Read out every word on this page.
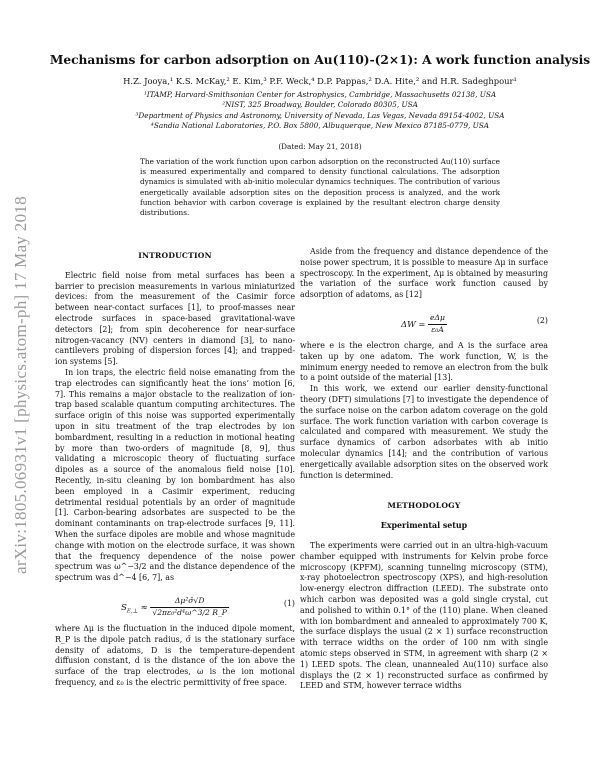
arXiv:1805.06931v1 [physics.atom-ph] 17 May 2018
Mechanisms for carbon adsorption on Au(110)-(2×1): A work function analysis
H.Z. Jooya,¹ K.S. McKay,² E. Kim,³ P.F. Weck,⁴ D.P. Pappas,² D.A. Hite,² and H.R. Sadeghpour¹
¹ITAMP, Harvard-Smithsonian Center for Astrophysics, Cambridge, Massachusetts 02138, USA
²NIST, 325 Broadway, Boulder, Colorado 80305, USA
³Department of Physics and Astronomy, University of Nevada, Las Vegas, Nevada 89154-4002, USA
⁴Sandia National Laboratories, P.O. Box 5800, Albuquerque, New Mexico 87185-0779, USA
(Dated: May 21, 2018)
The variation of the work function upon carbon adsorption on the reconstructed Au(110) surface is measured experimentally and compared to density functional calculations. The adsorption dynamics is simulated with ab-initio molecular dynamics techniques. The contribution of various energetically available adsorption sites on the deposition process is analyzed, and the work function behavior with carbon coverage is explained by the resultant electron charge density distributions.
INTRODUCTION

Electric field noise from metal surfaces has been a barrier to precision measurements in various miniaturized devices: from the measurement of the Casimir force between near-contact surfaces [1], to proof-masses near electrode surfaces in space-based gravitational-wave detectors [2]; from spin decoherence for near-surface nitrogen-vacancy (NV) centers in diamond [3], to nano-cantilevers probing of dispersion forces [4]; and trapped-ion systems [5].

In ion traps, the electric field noise emanating from the trap electrodes can significantly heat the ions’ motion [6, 7]. This remains a major obstacle to the realization of ion-trap based scalable quantum computing architectures. The surface origin of this noise was supported experimentally upon in situ treatment of the trap electrodes by ion bombardment, resulting in a reduction in motional heating by more than two-orders of magnitude [8, 9], thus validating a microscopic theory of fluctuating surface dipoles as a source of the anomalous field noise [10]. Recently, in-situ cleaning by ion bombardment has also been employed in a Casimir experiment, reducing detrimental residual potentials by an order of magnitude [1]. Carbon-bearing adsorbates are suspected to be the dominant contaminants on trap-electrode surfaces [9, 11]. When the surface dipoles are mobile and whose magnitude change with motion on the electrode surface, it was shown that the frequency dependence of the noise power spectrum was ω^−3/2 and the distance dependence of the spectrum was d^−4 [6, 7], as

$S_{E,\perp} \approx \frac{\text{Δμ²σ̄√D}}{\text{√2πε₀²d⁴ω\textasciicircum{}3/2 R\_P}}$	(1)

where Δμ is the fluctuation in the induced dipole moment, R_P is the dipole patch radius, σ̄ is the stationary surface density of adatoms, D is the temperature-dependent diffusion constant, d is the distance of the ion above the surface of the trap electrodes, ω is the ion motional frequency, and ε₀ is the electric permittivity of free space.

Aside from the frequency and distance dependence of the noise power spectrum, it is possible to measure Δμ in surface spectroscopy. In the experiment, Δμ is obtained by measuring the variation of the surface work function caused by adsorption of adatoms, as [12]

$\Delta W = \frac{\text{eΔμ}}{\text{ε₀A}}$	(2)

where e is the electron charge, and A is the surface area taken up by one adatom. The work function, W, is the minimum energy needed to remove an electron from the bulk to a point outside of the material [13].

In this work, we extend our earlier density-functional theory (DFT) simulations [7] to investigate the dependence of the surface noise on the carbon adatom coverage on the gold surface. The work function variation with carbon coverage is calculated and compared with measurement. We study the surface dynamics of carbon adsorbates with ab initio molecular dynamics [14]; and the contribution of various energetically available adsorption sites on the observed work function is determined.

METHODOLOGY
Experimental setup

The experiments were carried out in an ultra-high-vacuum chamber equipped with instruments for Kelvin probe force microscopy (KPFM), scanning tunneling microscopy (STM), x-ray photoelectron spectroscopy (XPS), and high-resolution low-energy electron diffraction (LEED). The substrate onto which carbon was deposited was a gold single crystal, cut and polished to within 0.1° of the (110) plane. When cleaned with ion bombardment and annealed to approximately 700 K, the surface displays the usual (2 × 1) surface reconstruction with terrace widths on the order of 100 nm with single atomic steps observed in STM, in agreement with sharp (2 × 1) LEED spots. The clean, unannealed Au(110) surface also displays the (2 × 1) reconstructed surface as confirmed by LEED and STM, however terrace widths
